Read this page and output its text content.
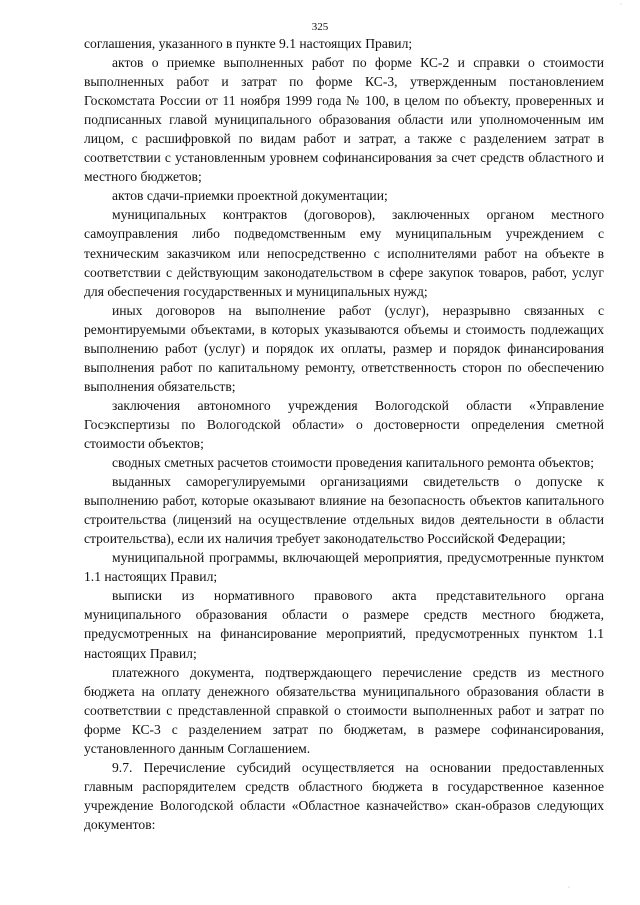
325

соглашения, указанного в пункте 9.1 настоящих Правил;

актов о приемке выполненных работ по форме КС-2 и справки о стоимости выполненных работ и затрат по форме КС-3, утвержденным постановлением Госкомстата России от 11 ноября 1999 года № 100, в целом по объекту, проверенных и подписанных главой муниципального образования области или уполномоченным им лицом, с расшифровкой по видам работ и затрат, а также с разделением затрат в соответствии с установленным уровнем софинансирования за счет средств областного и местного бюджетов;

актов сдачи-приемки проектной документации;

муниципальных контрактов (договоров), заключенных органом местного самоуправления либо подведомственным ему муниципальным учреждением с техническим заказчиком или непосредственно с исполнителями работ на объекте в соответствии с действующим законодательством в сфере закупок товаров, работ, услуг для обеспечения государственных и муниципальных нужд;

иных договоров на выполнение работ (услуг), неразрывно связанных с ремонтируемыми объектами, в которых указываются объемы и стоимость подлежащих выполнению работ (услуг) и порядок их оплаты, размер и порядок финансирования выполнения работ по капитальному ремонту, ответственность сторон по обеспечению выполнения обязательств;

заключения автономного учреждения Вологодской области «Управление Госэкспертизы по Вологодской области» о достоверности определения сметной стоимости объектов;

сводных сметных расчетов стоимости проведения капитального ремонта объектов;

выданных саморегулируемыми организациями свидетельств о допуске к выполнению работ, которые оказывают влияние на безопасность объектов капитального строительства (лицензий на осуществление отдельных видов деятельности в области строительства), если их наличия требует законодательство Российской Федерации;

муниципальной программы, включающей мероприятия, предусмотренные пунктом 1.1 настоящих Правил;

выписки из нормативного правового акта представительного органа муниципального образования области о размере средств местного бюджета, предусмотренных на финансирование мероприятий, предусмотренных пунктом 1.1 настоящих Правил;

платежного документа, подтверждающего перечисление средств из местного бюджета на оплату денежного обязательства муниципального образования области в соответствии с представленной справкой о стоимости выполненных работ и затрат по форме КС-3 с разделением затрат по бюджетам, в размере софинансирования, установленного данным Соглашением.

9.7. Перечисление субсидий осуществляется на основании предоставленных главным распорядителем средств областного бюджета в государственное казенное учреждение Вологодской области «Областное казначейство» скан-образов следующих документов:

◦
◦
